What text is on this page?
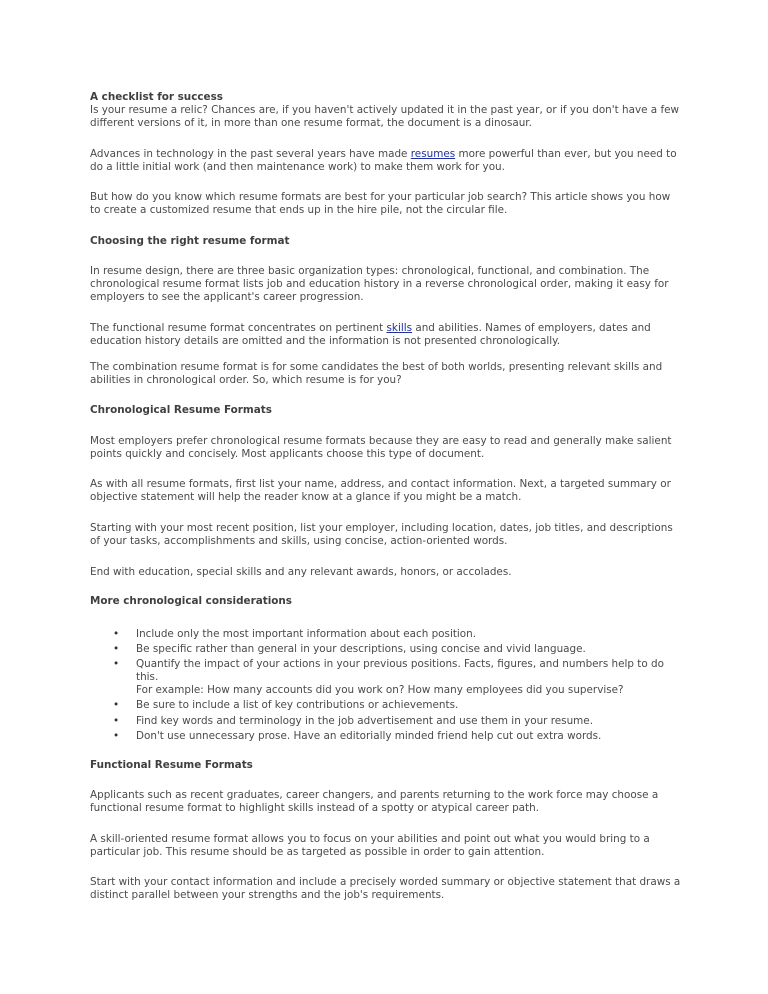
A checklist for success
Is your resume a relic? Chances are, if you haven't actively updated it in the past year, or if you don't have a few different versions of it, in more than one resume format, the document is a dinosaur.

Advances in technology in the past several years have made resumes more powerful than ever, but you need to do a little initial work (and then maintenance work) to make them work for you.

But how do you know which resume formats are best for your particular job search? This article shows you how to create a customized resume that ends up in the hire pile, not the circular file.

Choosing the right resume format

In resume design, there are three basic organization types: chronological, functional, and combination. The chronological resume format lists job and education history in a reverse chronological order, making it easy for employers to see the applicant's career progression.

The functional resume format concentrates on pertinent skills and abilities. Names of employers, dates and education history details are omitted and the information is not presented chronologically.

The combination resume format is for some candidates the best of both worlds, presenting relevant skills and abilities in chronological order. So, which resume is for you?

Chronological Resume Formats

Most employers prefer chronological resume formats because they are easy to read and generally make salient points quickly and concisely. Most applicants choose this type of document.

As with all resume formats, first list your name, address, and contact information. Next, a targeted summary or objective statement will help the reader know at a glance if you might be a match.

Starting with your most recent position, list your employer, including location, dates, job titles, and descriptions of your tasks, accomplishments and skills, using concise, action-oriented words.

End with education, special skills and any relevant awards, honors, or accolades.

More chronological considerations

• Include only the most important information about each position.
• Be specific rather than general in your descriptions, using concise and vivid language.
• Quantify the impact of your actions in your previous positions. Facts, figures, and numbers help to do this.
For example: How many accounts did you work on? How many employees did you supervise?
• Be sure to include a list of key contributions or achievements.
• Find key words and terminology in the job advertisement and use them in your resume.
• Don't use unnecessary prose. Have an editorially minded friend help cut out extra words.

Functional Resume Formats

Applicants such as recent graduates, career changers, and parents returning to the work force may choose a functional resume format to highlight skills instead of a spotty or atypical career path.

A skill-oriented resume format allows you to focus on your abilities and point out what you would bring to a particular job. This resume should be as targeted as possible in order to gain attention.

Start with your contact information and include a precisely worded summary or objective statement that draws a distinct parallel between your strengths and the job's requirements.
